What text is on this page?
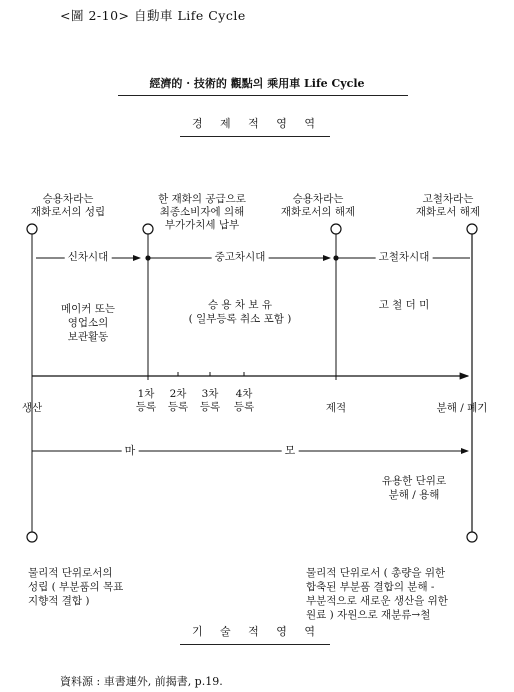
<圖 2-10> 自動車 Life Cycle
經濟的 · 技術的 觀點의 乘用車 Life Cycle
경 제 적 영 역
승용차라는
재화로서의 성립
한 재화의 공급으로
최종소비자에 의해
부가가치세 납부
승용차라는
재화로서의 해제
고철차라는
재화로서 해제
신차시대	중고차시대	고철차시대
메이커 또는
영업소의
보관활동
승 용 차 보 유
( 일부등록 취소 포함 )
고 철 더 미
생산
1차
등록
2차
등록
3차
등록
4차
등록	제적	분해 / 폐기
마	모
유용한 단위로
분해 / 용해
물리적 단위로서의
성립 ( 부분품의 목표
지향적 결합 )
물리적 단위로서 ( 총량을 위한
합축된 부분품 결합의 분해 -
부분적으로 새로운 생산을 위한
원료 ) 자원으로 재분류→철
기 술 적 영 역
資料源 : 車書連外, 前揭書, p.19.
